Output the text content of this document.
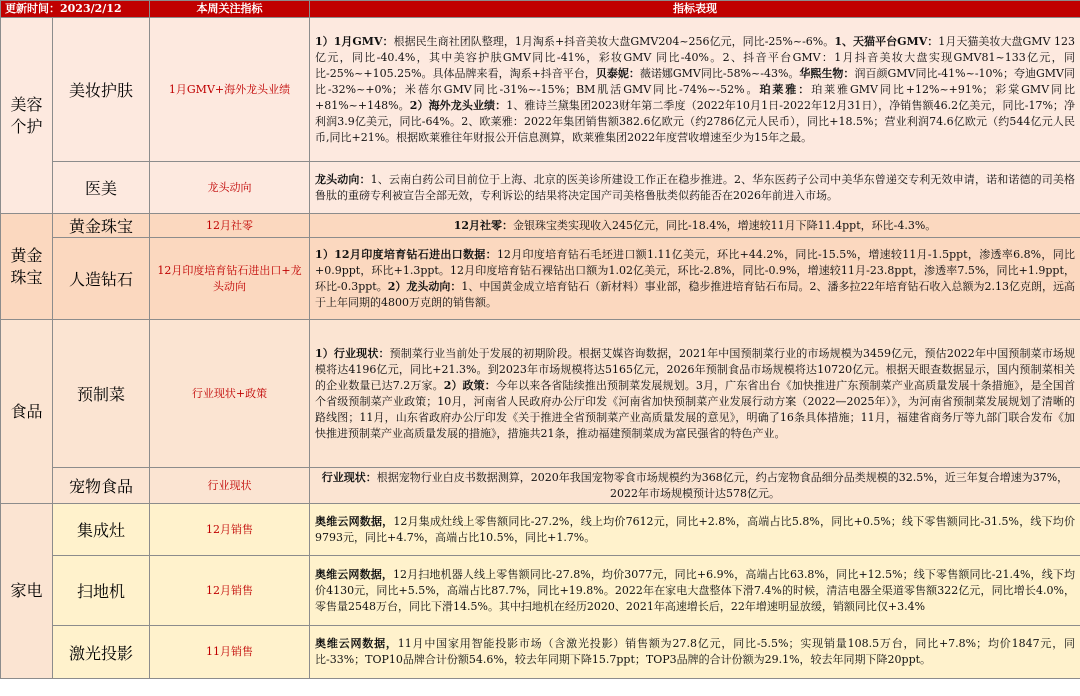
更新时间：2023/2/12		本周关注指标	指标表现
美容个护	美妆护肤	1月GMV+海外龙头业绩	1）1月GMV：根据民生商社团队整理，1月淘系+抖音美妆大盘GMV204~256亿元，同比-25%~-6%。1、天猫平台GMV：1月天猫美妆大盘GMV 123亿元，同比-40.4%，其中美容护肤GMV同比-41%，彩妆GMV 同比-40%。2、抖音平台GMV：1月抖音美妆大盘实现GMV81~133亿元，同比-25%~+105.25%。具体品牌来看，淘系+抖音平台，贝泰妮：薇诺娜GMV同比-58%~-43%。华熙生物：润百颜GMV同比-41%~-10%；夸迪GMV同比-32%~+0%；米蓓尔GMV同比-31%~-15%；BM肌活GMV同比-74%~-52%。珀莱雅：珀莱雅GMV同比+12%~+91%；彩棠GMV同比+81%~+148%。2）海外龙头业绩：1、雅诗兰黛集团2023财年第二季度（2022年10月1日-2022年12月31日），净销售额46.2亿美元，同比-17%；净利润3.9亿美元，同比-64%。2、欧莱雅：2022年集团销售额382.6亿欧元（约2786亿元人民币），同比+18.5%；营业利润74.6亿欧元（约544亿元人民币,同比+21%。根据欧莱雅往年财报公开信息测算，欧莱雅集团2022年度营收增速至少为15年之最。
	医美	龙头动向	龙头动向：1、云南白药公司目前位于上海、北京的医美诊所建设工作正在稳步推进。2、华东医药子公司中美华东曾递交专利无效申请，诺和诺德的司美格鲁肽的重磅专利被宣告全部无效，专利诉讼的结果将决定国产司美格鲁肽类似药能否在2026年前进入市场。
黄金珠宝	黄金珠宝	12月社零	12月社零：金银珠宝类实现收入245亿元，同比-18.4%，增速较11月下降11.4ppt，环比-4.3%。
	人造钻石	12月印度培育钻石进出口+龙头动向	1）12月印度培育钻石进出口数据：12月印度培育钻石毛坯进口额1.11亿美元，环比+44.2%，同比-15.5%，增速较11月-1.5ppt，渗透率6.8%，同比+0.9ppt，环比+1.3ppt。12月印度培育钻石裸钻出口额为1.02亿美元，环比-2.8%，同比-0.9%，增速较11月-23.8ppt，渗透率7.5%，同比+1.9ppt，环比-0.3ppt。2）龙头动向：1、中国黄金成立培育钻石（新材料）事业部，稳步推进培育钻石布局。2、潘多拉22年培育钻石收入总额为2.13亿克朗，远高于上年同期的4800万克朗的销售额。
食品	预制菜	行业现状+政策	1）行业现状：预制菜行业当前处于发展的初期阶段。根据艾媒咨询数据，2021年中国预制菜行业的市场规模为3459亿元，预估2022年中国预制菜市场规模将达4196亿元，同比+21.3%。到2023年市场规模将达5165亿元，2026年预制食品市场规模将达10720亿元。根据天眼查数据显示，国内预制菜相关的企业数量已达7.2万家。2）政策：今年以来各省陆续推出预制菜发展规划。3月，广东省出台《加快推进广东预制菜产业高质量发展十条措施》，是全国首个省级预制菜产业政策；10月，河南省人民政府办公厅印发《河南省加快预制菜产业发展行动方案（2022—2025年）》，为河南省预制菜发展规划了清晰的路线图；11月，山东省政府办公厅印发《关于推进全省预制菜产业高质量发展的意见》，明确了16条具体措施；11月，福建省商务厅等九部门联合发布《加快推进预制菜产业高质量发展的措施》，措施共21条，推动福建预制菜成为富民强省的特色产业。
	宠物食品	行业现状	行业现状：根据宠物行业白皮书数据测算，2020年我国宠物零食市场规模约为368亿元，约占宠物食品细分品类规模的32.5%，近三年复合增速为37%，2022年市场规模预计达578亿元。
家电	集成灶	12月销售	奥维云网数据，12月集成灶线上零售额同比-27.2%，线上均价7612元，同比+2.8%，高端占比5.8%，同比+0.5%；线下零售额同比-31.5%，线下均价9793元，同比+4.7%，高端占比10.5%，同比+1.7%。
	扫地机	12月销售	奥维云网数据，12月扫地机器人线上零售额同比-27.8%，均价3077元，同比+6.9%，高端占比63.8%，同比+12.5%；线下零售额同比-21.4%，线下均价4130元，同比+5.5%，高端占比87.7%，同比+19.8%。2022年在家电大盘整体下滑7.4%的时候，清洁电器全渠道零售额322亿元，同比增长4.0%，零售量2548万台，同比下滑14.5%。其中扫地机在经历2020、2021年高速增长后，22年增速明显放缓，销额同比仅+3.4%
	激光投影	11月销售	奥维云网数据，11月中国家用智能投影市场（含激光投影）销售额为27.8亿元，同比-5.5%；实现销量108.5万台，同比+7.8%；均价1847元，同比-33%；TOP10品牌合计份额54.6%，较去年同期下降15.7ppt；TOP3品牌的合计份额为29.1%，较去年同期下降20ppt。
